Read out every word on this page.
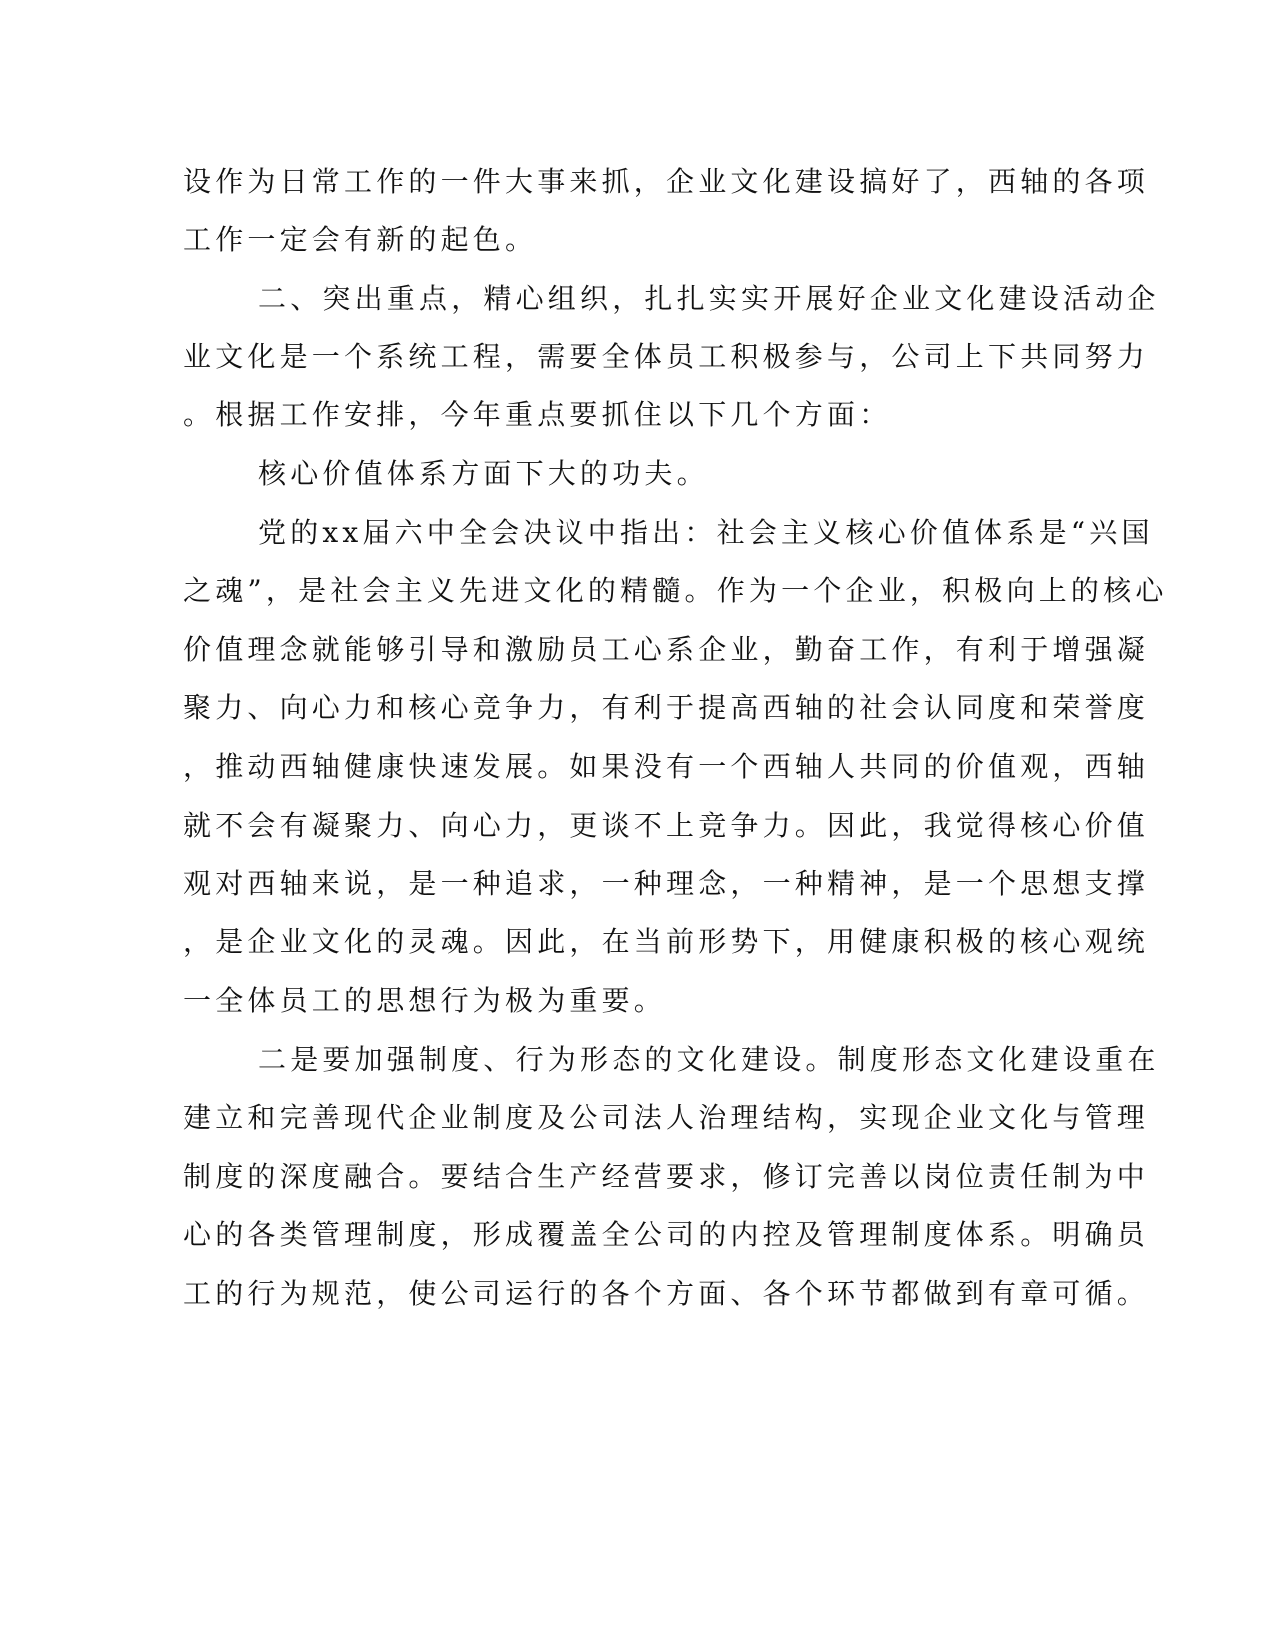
设作为日常工作的一件大事来抓，企业文化建设搞好了，西轴的各项
工作一定会有新的起色。
二、突出重点，精心组织，扎扎实实开展好企业文化建设活动企
业文化是一个系统工程，需要全体员工积极参与，公司上下共同努力
。根据工作安排，今年重点要抓住以下几个方面：
核心价值体系方面下大的功夫。
党的xx届六中全会决议中指出：社会主义核心价值体系是“兴国
之魂”，是社会主义先进文化的精髓。作为一个企业，积极向上的核心
价值理念就能够引导和激励员工心系企业，勤奋工作，有利于增强凝
聚力、向心力和核心竞争力，有利于提高西轴的社会认同度和荣誉度
，推动西轴健康快速发展。如果没有一个西轴人共同的价值观，西轴
就不会有凝聚力、向心力，更谈不上竞争力。因此，我觉得核心价值
观对西轴来说，是一种追求，一种理念，一种精神，是一个思想支撑
，是企业文化的灵魂。因此，在当前形势下，用健康积极的核心观统
一全体员工的思想行为极为重要。
二是要加强制度、行为形态的文化建设。制度形态文化建设重在
建立和完善现代企业制度及公司法人治理结构，实现企业文化与管理
制度的深度融合。要结合生产经营要求，修订完善以岗位责任制为中
心的各类管理制度，形成覆盖全公司的内控及管理制度体系。明确员
工的行为规范，使公司运行的各个方面、各个环节都做到有章可循。
